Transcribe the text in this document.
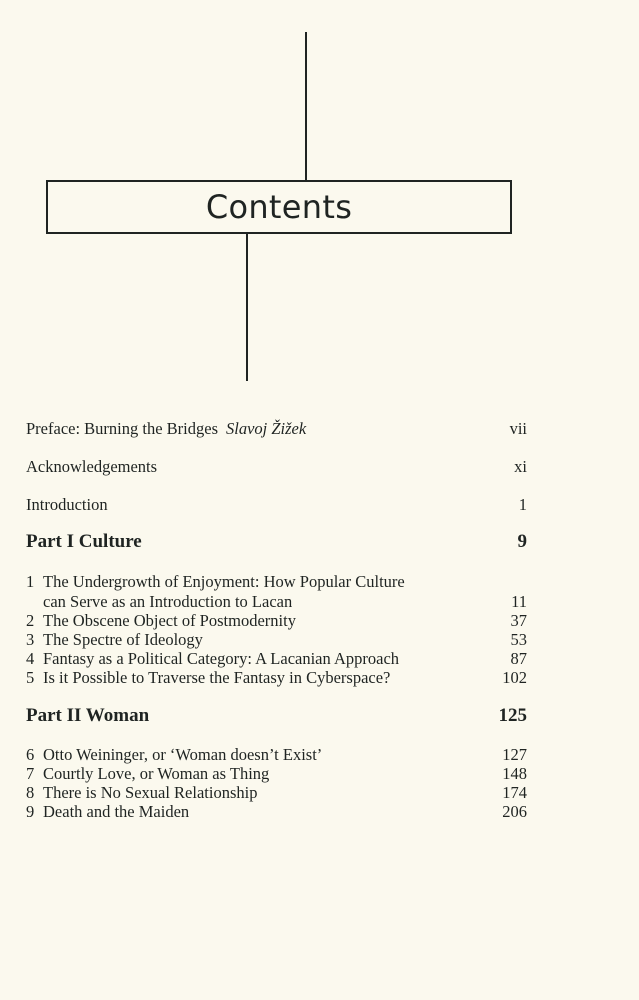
Contents
Preface: Burning the Bridges Slavoj Žižek	vii
Acknowledgements	xi
Introduction	1
Part I Culture	9
1 The Undergrowth of Enjoyment: How Popular Culture
can Serve as an Introduction to Lacan	11
2 The Obscene Object of Postmodernity	37
3 The Spectre of Ideology	53
4 Fantasy as a Political Category: A Lacanian Approach	87
5 Is it Possible to Traverse the Fantasy in Cyberspace?	102
Part II Woman	125
6 Otto Weininger, or ‘Woman doesn’t Exist’	127
7 Courtly Love, or Woman as Thing	148
8 There is No Sexual Relationship	174
9 Death and the Maiden	206
